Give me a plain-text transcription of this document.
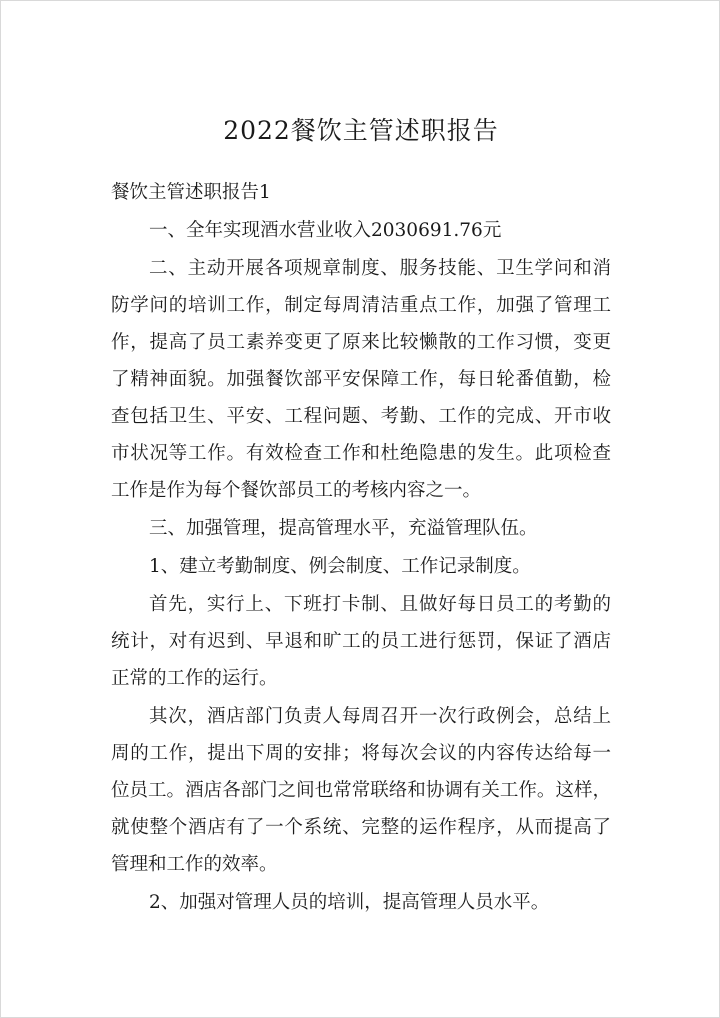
2022餐饮主管述职报告
餐饮主管述职报告1
一、全年实现酒水营业收入2030691.76元
二、主动开展各项规章制度、服务技能、卫生学问和消
防学问的培训工作，制定每周清洁重点工作，加强了管理工
作，提高了员工素养变更了原来比较懒散的工作习惯，变更
了精神面貌。加强餐饮部平安保障工作，每日轮番值勤，检
查包括卫生、平安、工程问题、考勤、工作的完成、开市收
市状况等工作。有效检查工作和杜绝隐患的发生。此项检查
工作是作为每个餐饮部员工的考核内容之一。
三、加强管理，提高管理水平，充溢管理队伍。
1、建立考勤制度、例会制度、工作记录制度。
首先，实行上、下班打卡制、且做好每日员工的考勤的
统计，对有迟到、早退和旷工的员工进行惩罚，保证了酒店
正常的工作的运行。
其次，酒店部门负责人每周召开一次行政例会，总结上
周的工作，提出下周的安排；将每次会议的内容传达给每一
位员工。酒店各部门之间也常常联络和协调有关工作。这样，
就使整个酒店有了一个系统、完整的运作程序，从而提高了
管理和工作的效率。
2、加强对管理人员的培训，提高管理人员水平。
